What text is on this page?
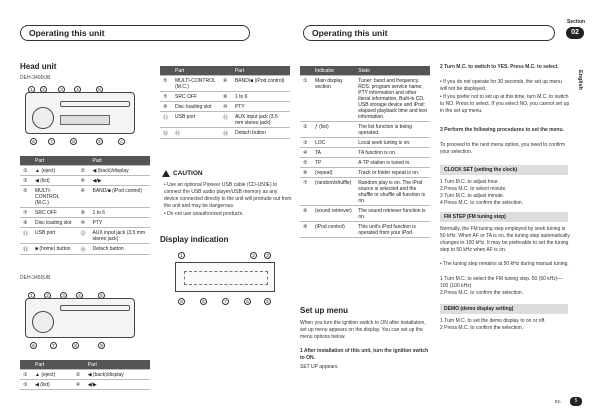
Operating this unit	Operating this unit
Section
02
English
Head unit
DEH-3400UB
1	2	3	4	5
6	7	8	9	c
	Part		Part
①	▲ (eject)	②	◀ (back)/display
③	◀ (list)	④	◀/▶
⑤	MULTI-CONTROL (M.C.)	⑥	BAND/■ (iPod control)
⑦	SRC OFF	⑧	1 to 6
⑨	Disc loading slot	⑩	PTY
⑪	USB port	⑫	AUX input jack (3.5 mm stereo jack)
⑬	■ (home) button	⑭	Detach button
DEH-3450UB
1	2	3	4	5
6	7	8	9
	Part		Part
①	▲ (eject)	②	◀ (back)/display
③	◀ (list)	④	◀/▶
	Part		Part
⑤	MULTI-CONTROL (M.C.)	⑥	BAND/■ (iPod control)
⑦	SRC OFF	⑧	1 to 6
⑨	Disc loading slot	⑩	PTY
⑪	USB port	⑫	AUX input jack (3.5 mm stereo jack)
⑬	Ⓗ	⑭	Detach button
CAUTION
• Use an optional Pioneer USB cable (CD-U50E) to connect the USB audio player/USB memory as any device connected directly to the unit will protrude out from the unit and may be dangerous.
• Do not use unauthorized products.
Display indication
1	2	3
9	8	7	6	5
	Indicator	State
①	Main display section	Tuner: band and frequency. RDS: program service name, PTY information and other literal information. Built-in CD, USB storage device and iPod: elapsed playback time and text information.
②	ƒ (list)	The list function is being operated.
③	LOC	Local seek tuning is on.
④	TA	TA function is on.
⑤	TP	A TP station is tuned in.
⑥	(repeat)	Track or folder repeat is on.
⑦	(random/shuffle)	Random play is on. The iPod source is selected and the shuffle or shuffle all function is on.
⑧	(sound retriever)	The sound retriever function is on.
⑨	(iPod control)	This unit's iPod function is operated from your iPod.
Set up menu
When you turn the ignition switch to ON after installation, set up menu appears on the display. You can set up the menu options below.
1 After installation of this unit, turn the ignition switch to ON.
SET UP appears.
2 Turn M.C. to switch to YES. Press M.C. to select.
• If you do not operate for 30 seconds, the set up menu will not be displayed.
• If you prefer not to set up at this time, turn M.C. to switch to NO. Press to select. If you select NO, you cannot set up in the set up menu.
3 Perform the following procedures to set the menu.
To proceed to the next menu option, you need to confirm your selection.
CLOCK SET (setting the clock)
1 Turn M.C. to adjust hour.
2 Press M.C. to select minute.
3 Turn M.C. to adjust minute.
4 Press M.C. to confirm the selection.
FM STEP (FM tuning step)
Normally, the FM tuning step employed by seek tuning is 50 kHz. When AF or TA is on, the tuning step automatically changes to 100 kHz. It may be preferable to set the tuning step to 50 kHz when AF is on.
• The tuning step remains at 50 kHz during manual tuning.
1 Turn M.C. to select the FM tuning step. 50 (50 kHz)—100 (100 kHz)
2 Press M.C. to confirm the selection.
DEMO (demo display setting)
1 Turn M.C. to set the demo display to on or off.
2 Press M.C. to confirm the selection.
En	5
